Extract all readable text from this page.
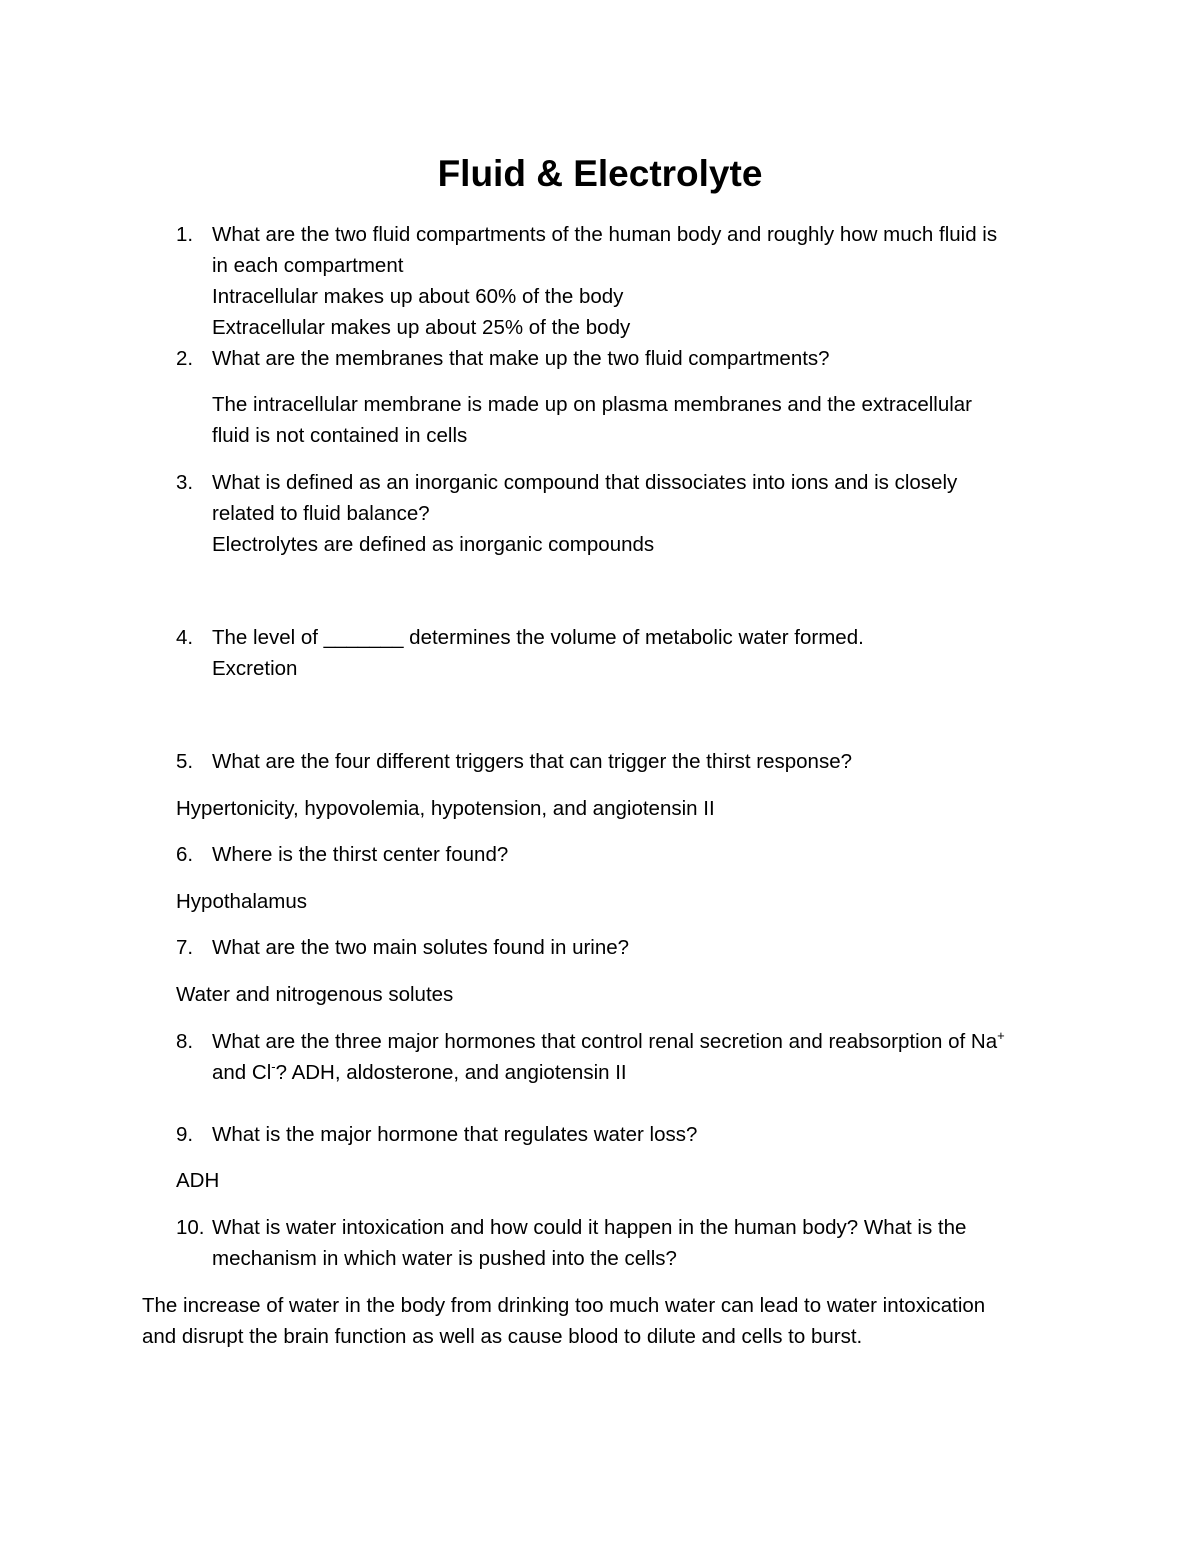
Fluid & Electrolyte
1. What are the two fluid compartments of the human body and roughly how much fluid is
in each compartment
Intracellular makes up about 60% of the body
Extracellular makes up about 25% of the body
2. What are the membranes that make up the two fluid compartments?
The intracellular membrane is made up on plasma membranes and the extracellular
fluid is not contained in cells
3. What is defined as an inorganic compound that dissociates into ions and is closely
related to fluid balance?
Electrolytes are defined as inorganic compounds
4. The level of _______ determines the volume of metabolic water formed.
Excretion
5. What are the four different triggers that can trigger the thirst response?
Hypertonicity, hypovolemia, hypotension, and angiotensin II
6. Where is the thirst center found?
Hypothalamus
7. What are the two main solutes found in urine?
Water and nitrogenous solutes
8. What are the three major hormones that control renal secretion and reabsorption of Na+
and Cl-? ADH, aldosterone, and angiotensin II
9. What is the major hormone that regulates water loss?
ADH
10. What is water intoxication and how could it happen in the human body? What is the
mechanism in which water is pushed into the cells?
The increase of water in the body from drinking too much water can lead to water intoxication
and disrupt the brain function as well as cause blood to dilute and cells to burst.
